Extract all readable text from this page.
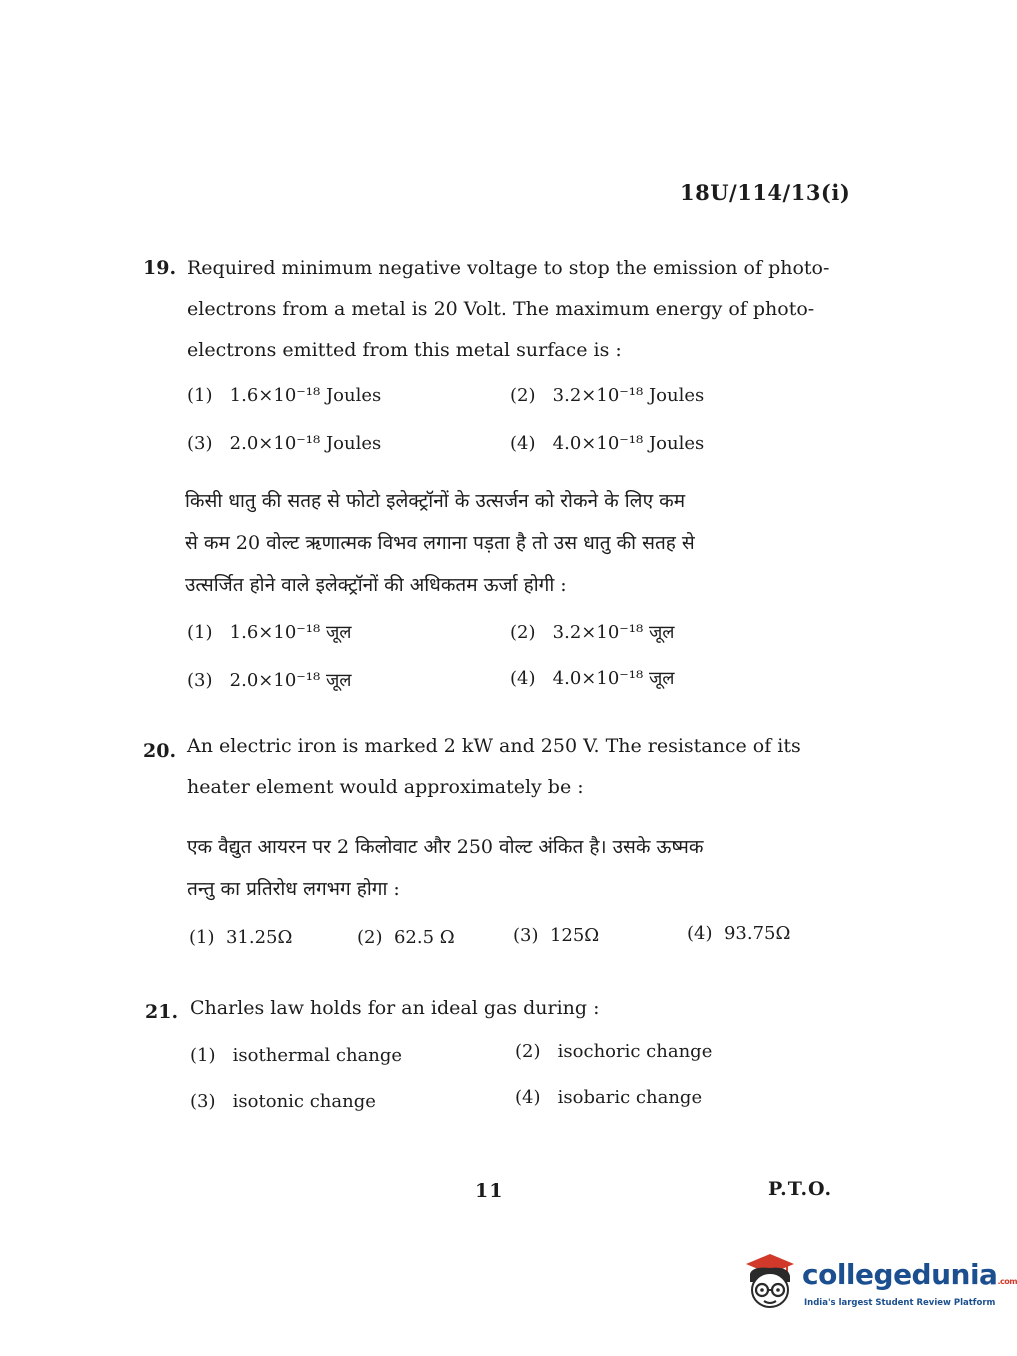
18U/114/13(i)
19. Required minimum negative voltage to stop the emission of photo-
electrons from a metal is 20 Volt. The maximum energy of photo-
electrons emitted from this metal surface is :
(1) 1.6×10⁻¹⁸ Joules	(2) 3.2×10⁻¹⁸ Joules
(3) 2.0×10⁻¹⁸ Joules	(4) 4.0×10⁻¹⁸ Joules
किसी धातु की सतह से फोटो इलेक्ट्रॉनों के उत्सर्जन को रोकने के लिए कम
से कम 20 वोल्ट ऋणात्मक विभव लगाना पड़ता है तो उस धातु की सतह से
उत्सर्जित होने वाले इलेक्ट्रॉनों की अधिकतम ऊर्जा होगी :
(1) 1.6×10⁻¹⁸ जूल	(2) 3.2×10⁻¹⁸ जूल
(3) 2.0×10⁻¹⁸ जूल	(4) 4.0×10⁻¹⁸ जूल
20. An electric iron is marked 2 kW and 250 V. The resistance of its
heater element would approximately be :
एक वैद्युत आयरन पर 2 किलोवाट और 250 वोल्ट अंकित है। उसके ऊष्मक
तन्तु का प्रतिरोध लगभग होगा :
(1) 31.25Ω	(2) 62.5 Ω	(3) 125Ω	(4) 93.75Ω
21. Charles law holds for an ideal gas during :
(1) isothermal change	(2) isochoric change
(3) isotonic change	(4) isobaric change
11	P.T.O.
collegedunia.com
India's largest Student Review Platform
